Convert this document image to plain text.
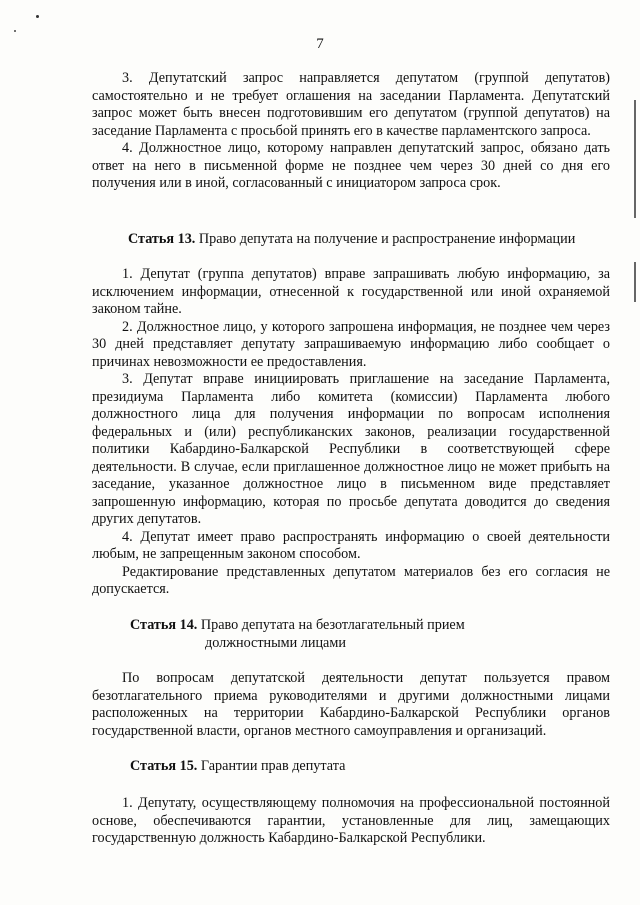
7

3. Депутатский запрос направляется депутатом (группой депутатов) самостоятельно и не требует оглашения на заседании Парламента. Депутатский запрос может быть внесен подготовившим его депутатом (группой депутатов) на заседание Парламента с просьбой принять его в качестве парламентского запроса.

4. Должностное лицо, которому направлен депутатский запрос, обязано дать ответ на него в письменной форме не позднее чем через 30 дней со дня его получения или в иной, согласованный с инициатором запроса срок.

Статья 13. Право депутата на получение и распространение информации

1. Депутат (группа депутатов) вправе запрашивать любую информацию, за исключением информации, отнесенной к государственной или иной охраняемой законом тайне.

2. Должностное лицо, у которого запрошена информация, не позднее чем через 30 дней представляет депутату запрашиваемую информацию либо сообщает о причинах невозможности ее предоставления.

3. Депутат вправе инициировать приглашение на заседание Парламента, президиума Парламента либо комитета (комиссии) Парламента любого должностного лица для получения информации по вопросам исполнения федеральных и (или) республиканских законов, реализации государственной политики Кабардино-Балкарской Республики в соответствующей сфере деятельности. В случае, если приглашенное должностное лицо не может прибыть на заседание, указанное должностное лицо в письменном виде представляет запрошенную информацию, которая по просьбе депутата доводится до сведения других депутатов.

4. Депутат имеет право распространять информацию о своей деятельности любым, не запрещенным законом способом.

Редактирование представленных депутатом материалов без его согласия не допускается.

Статья 14. Право депутата на безотлагательный прием
должностными лицами

По вопросам депутатской деятельности депутат пользуется правом безотлагательного приема руководителями и другими должностными лицами расположенных на территории Кабардино-Балкарской Республики органов государственной власти, органов местного самоуправления и организаций.

Статья 15. Гарантии прав депутата

1. Депутату, осуществляющему полномочия на профессиональной постоянной основе, обеспечиваются гарантии, установленные для лиц, замещающих государственную должность Кабардино-Балкарской Республики.
